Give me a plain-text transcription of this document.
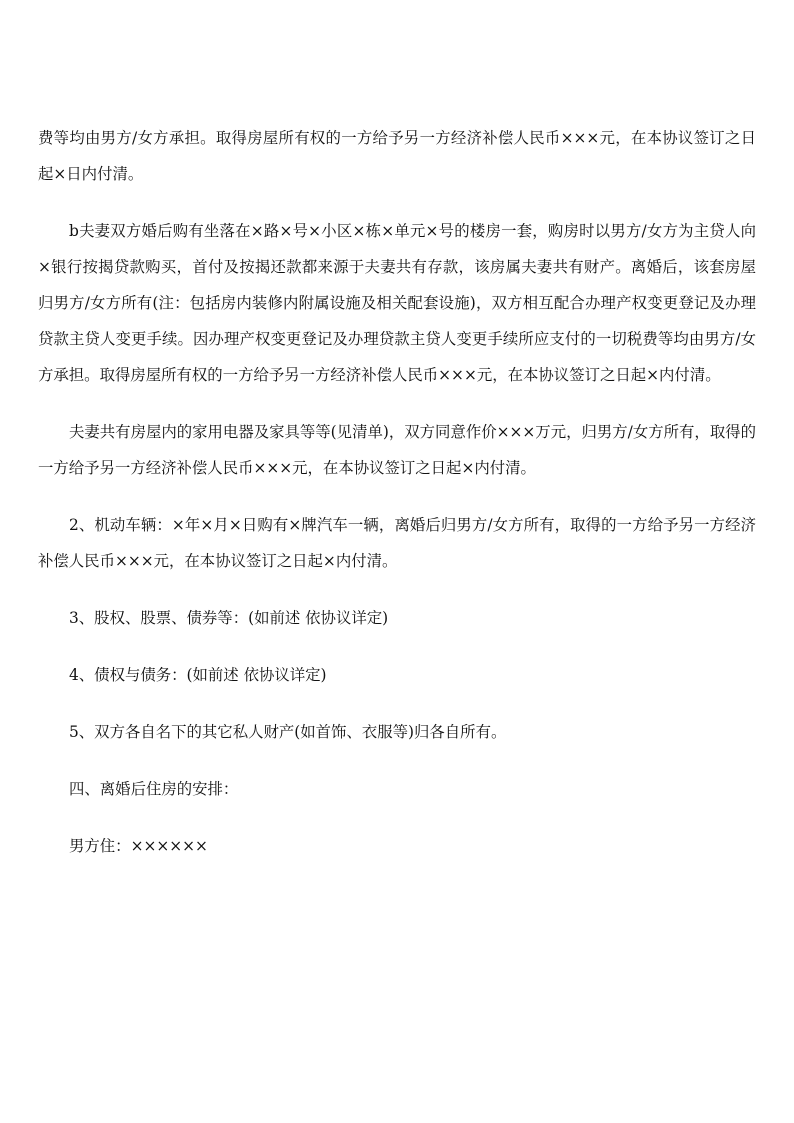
费等均由男方/女方承担。取得房屋所有权的一方给予另一方经济补偿人民币×××元，在本协议签订之日起×日内付清。

b夫妻双方婚后购有坐落在×路×号×小区×栋×单元×号的楼房一套，购房时以男方/女方为主贷人向×银行按揭贷款购买，首付及按揭还款都来源于夫妻共有存款，该房属夫妻共有财产。离婚后，该套房屋归男方/女方所有(注：包括房内装修内附属设施及相关配套设施)，双方相互配合办理产权变更登记及办理贷款主贷人变更手续。因办理产权变更登记及办理贷款主贷人变更手续所应支付的一切税费等均由男方/女方承担。取得房屋所有权的一方给予另一方经济补偿人民币×××元，在本协议签订之日起×内付清。

夫妻共有房屋内的家用电器及家具等等(见清单)，双方同意作价×××万元，归男方/女方所有，取得的一方给予另一方经济补偿人民币×××元，在本协议签订之日起×内付清。

2、机动车辆：×年×月×日购有×牌汽车一辆，离婚后归男方/女方所有，取得的一方给予另一方经济补偿人民币×××元，在本协议签订之日起×内付清。

3、股权、股票、债券等：(如前述 依协议详定)

4、债权与债务：(如前述 依协议详定)

5、双方各自名下的其它私人财产(如首饰、衣服等)归各自所有。

四、离婚后住房的安排：

男方住：××××××
